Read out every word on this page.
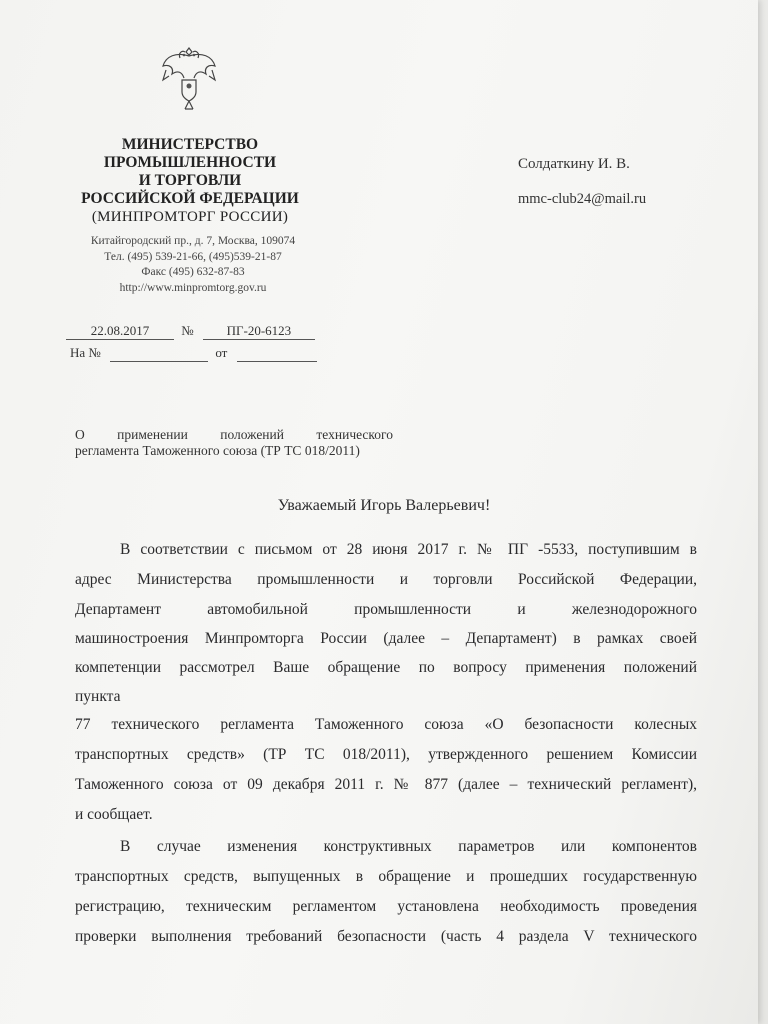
МИНИСТЕРСТВО
ПРОМЫШЛЕННОСТИ
И ТОРГОВЛИ
РОССИЙСКОЙ ФЕДЕРАЦИИ
(МИНПРОМТОРГ РОССИИ)
Китайгородский пр., д. 7, Москва, 109074
Тел. (495) 539-21-66, (495)539-21-87
Факс (495) 632-87-83
http://www.minpromtorg.gov.ru
Солдаткину И. В.
mmc-club24@mail.ru
22.08.2017 №	ПГ-20-6123
На №	от
О применении положений технического
регламента Таможенного союза (ТР ТС 018/2011)
Уважаемый Игорь Валерьевич!
В соответствии с письмом от 28 июня 2017 г. № ПГ -5533, поступившим в
адрес Министерства промышленности и торговли Российской Федерации,
Департамент автомобильной промышленности и железнодорожного
машиностроения Минпромторга России (далее – Департамент) в рамках своей
компетенции рассмотрел Ваше обращение по вопросу применения положений
пункта
77 технического регламента Таможенного союза «О безопасности колесных
транспортных средств» (ТР ТС 018/2011), утвержденного решением Комиссии
Таможенного союза от 09 декабря 2011 г. № 877 (далее – технический регламент),
и сообщает.
В случае изменения конструктивных параметров или компонентов
транспортных средств, выпущенных в обращение и прошедших государственную
регистрацию, техническим регламентом установлена необходимость проведения
проверки выполнения требований безопасности (часть 4 раздела V технического
